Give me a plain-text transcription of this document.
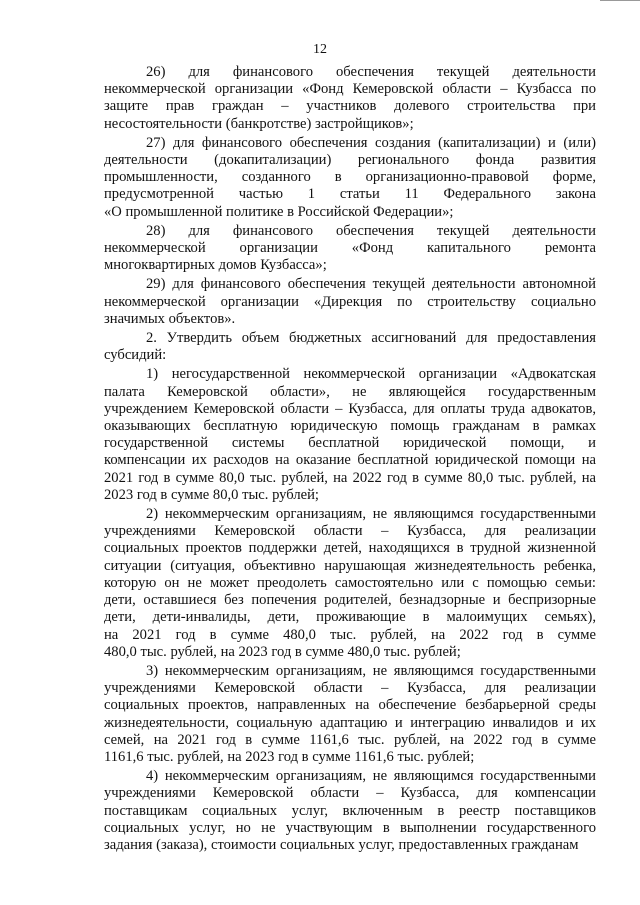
12
26) для финансового обеспечения текущей деятельности
некоммерческой организации «Фонд Кемеровской области – Кузбасса по
защите прав граждан – участников долевого строительства при
несостоятельности (банкротстве) застройщиков»;
27) для финансового обеспечения создания (капитализации) и (или)
деятельности (докапитализации) регионального фонда развития
промышленности, созданного в организационно-правовой форме,
предусмотренной частью 1 статьи 11 Федерального закона
«О промышленной политике в Российской Федерации»;
28) для финансового обеспечения текущей деятельности
некоммерческой организации «Фонд капитального ремонта
многоквартирных домов Кузбасса»;
29) для финансового обеспечения текущей деятельности автономной
некоммерческой организации «Дирекция по строительству социально
значимых объектов».
2. Утвердить объем бюджетных ассигнований для предоставления
субсидий:
1) негосударственной некоммерческой организации «Адвокатская
палата Кемеровской области», не являющейся государственным
учреждением Кемеровской области – Кузбасса, для оплаты труда адвокатов,
оказывающих бесплатную юридическую помощь гражданам в рамках
государственной системы бесплатной юридической помощи, и
компенсации их расходов на оказание бесплатной юридической помощи на
2021 год в сумме 80,0 тыс. рублей, на 2022 год в сумме 80,0 тыс. рублей, на
2023 год в сумме 80,0 тыс. рублей;
2) некоммерческим организациям, не являющимся государственными
учреждениями Кемеровской области – Кузбасса, для реализации
социальных проектов поддержки детей, находящихся в трудной жизненной
ситуации (ситуация, объективно нарушающая жизнедеятельность ребенка,
которую он не может преодолеть самостоятельно или с помощью семьи:
дети, оставшиеся без попечения родителей, безнадзорные и беспризорные
дети, дети-инвалиды, дети, проживающие в малоимущих семьях),
на 2021 год в сумме 480,0 тыс. рублей, на 2022 год в сумме
480,0 тыс. рублей, на 2023 год в сумме 480,0 тыс. рублей;
3) некоммерческим организациям, не являющимся государственными
учреждениями Кемеровской области – Кузбасса, для реализации
социальных проектов, направленных на обеспечение безбарьерной среды
жизнедеятельности, социальную адаптацию и интеграцию инвалидов и их
семей, на 2021 год в сумме 1161,6 тыс. рублей, на 2022 год в сумме
1161,6 тыс. рублей, на 2023 год в сумме 1161,6 тыс. рублей;
4) некоммерческим организациям, не являющимся государственными
учреждениями Кемеровской области – Кузбасса, для компенсации
поставщикам социальных услуг, включенным в реестр поставщиков
социальных услуг, но не участвующим в выполнении государственного
задания (заказа), стоимости социальных услуг, предоставленных гражданам
